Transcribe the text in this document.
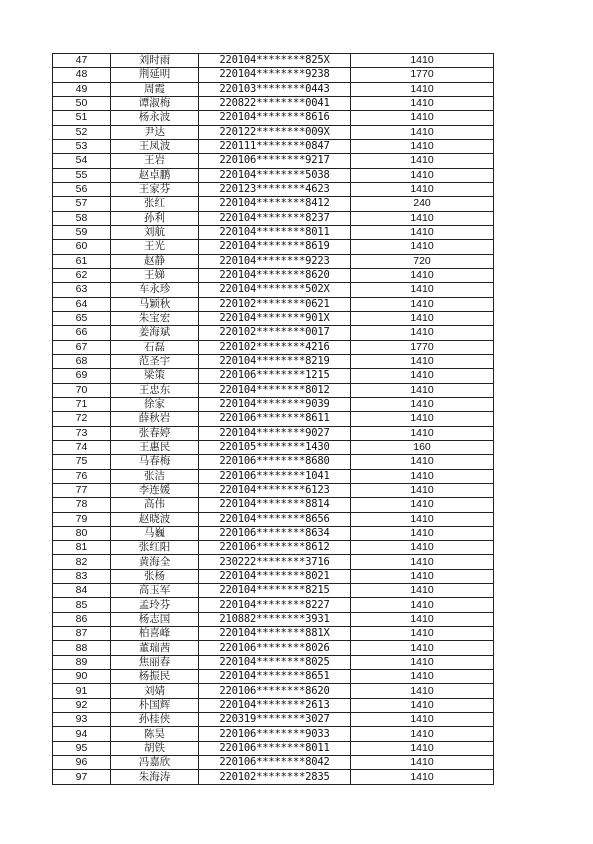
47	刘时雨	220104********825X	1410
48	荆延明	220104********9238	1770
49	周霞	220103********0443	1410
50	谭淑梅	220822********0041	1410
51	杨永波	220104********8616	1410
52	尹达	220122********009X	1410
53	王凤波	220111********0847	1410
54	王岩	220106********9217	1410
55	赵卓鹏	220104********5038	1410
56	王家芬	220123********4623	1410
57	张红	220104********8412	240
58	孙利	220104********8237	1410
59	刘航	220104********8011	1410
60	王光	220104********8619	1410
61	赵静	220104********9223	720
62	王娣	220104********8620	1410
63	车永珍	220104********502X	1410
64	马颖秋	220102********0621	1410
65	朱宝宏	220104********901X	1410
66	姜海斌	220102********0017	1410
67	石磊	220102********4216	1770
68	范圣宇	220104********8219	1410
69	梁策	220106********1215	1410
70	王忠东	220104********8012	1410
71	徐家	220104********9039	1410
72	薛秋岩	220106********8611	1410
73	张春婷	220104********9027	1410
74	王惠民	220105********1430	160
75	马春梅	220106********8680	1410
76	张洁	220106********1041	1410
77	李连媛	220104********6123	1410
78	高伟	220104********8814	1410
79	赵晓波	220104********8656	1410
80	马巍	220106********8634	1410
81	张红阳	220106********8612	1410
82	黄海全	230222********3716	1410
83	张杨	220104********8021	1410
84	高玉军	220104********8215	1410
85	孟玲芬	220104********8227	1410
86	杨志国	210882********3931	1410
87	柏喜峰	220104********881X	1410
88	董瑞茜	220106********8026	1410
89	焦丽春	220104********8025	1410
90	杨振民	220104********8651	1410
91	刘婧	220106********8620	1410
92	朴国辉	220104********2613	1410
93	孙桂侠	220319********3027	1410
94	陈昊	220106********9033	1410
95	胡铁	220106********8011	1410
96	冯嘉欣	220106********8042	1410
97	朱海涛	220102********2835	1410
